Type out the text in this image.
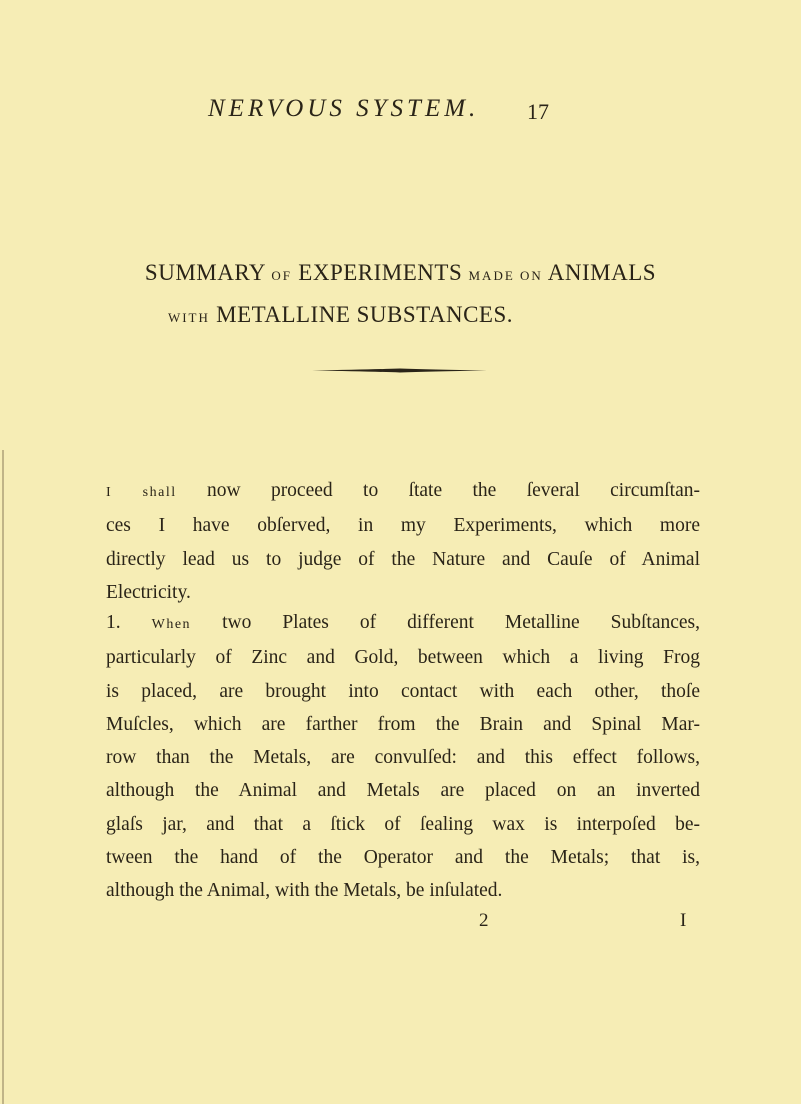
NERVOUS SYSTEM. 17
SUMMARY OF EXPERIMENTS MADE ON ANIMALS
WITH METALLINE SUBSTANCES.
I shall now proceed to ſtate the ſeveral circumſtan-
ces I have obſerved, in my Experiments, which more
directly lead us to judge of the Nature and Cauſe of Animal
Electricity.
1. When two Plates of different Metalline Subſtances,
particularly of Zinc and Gold, between which a living Frog
is placed, are brought into contact with each other, thoſe
Muſcles, which are farther from the Brain and Spinal Mar-
row than the Metals, are convulſed: and this effect follows,
although the Animal and Metals are placed on an inverted
glaſs jar, and that a ſtick of ſealing wax is interpoſed be-
tween the hand of the Operator and the Metals; that is,
although the Animal, with the Metals, be inſulated.
2	I
